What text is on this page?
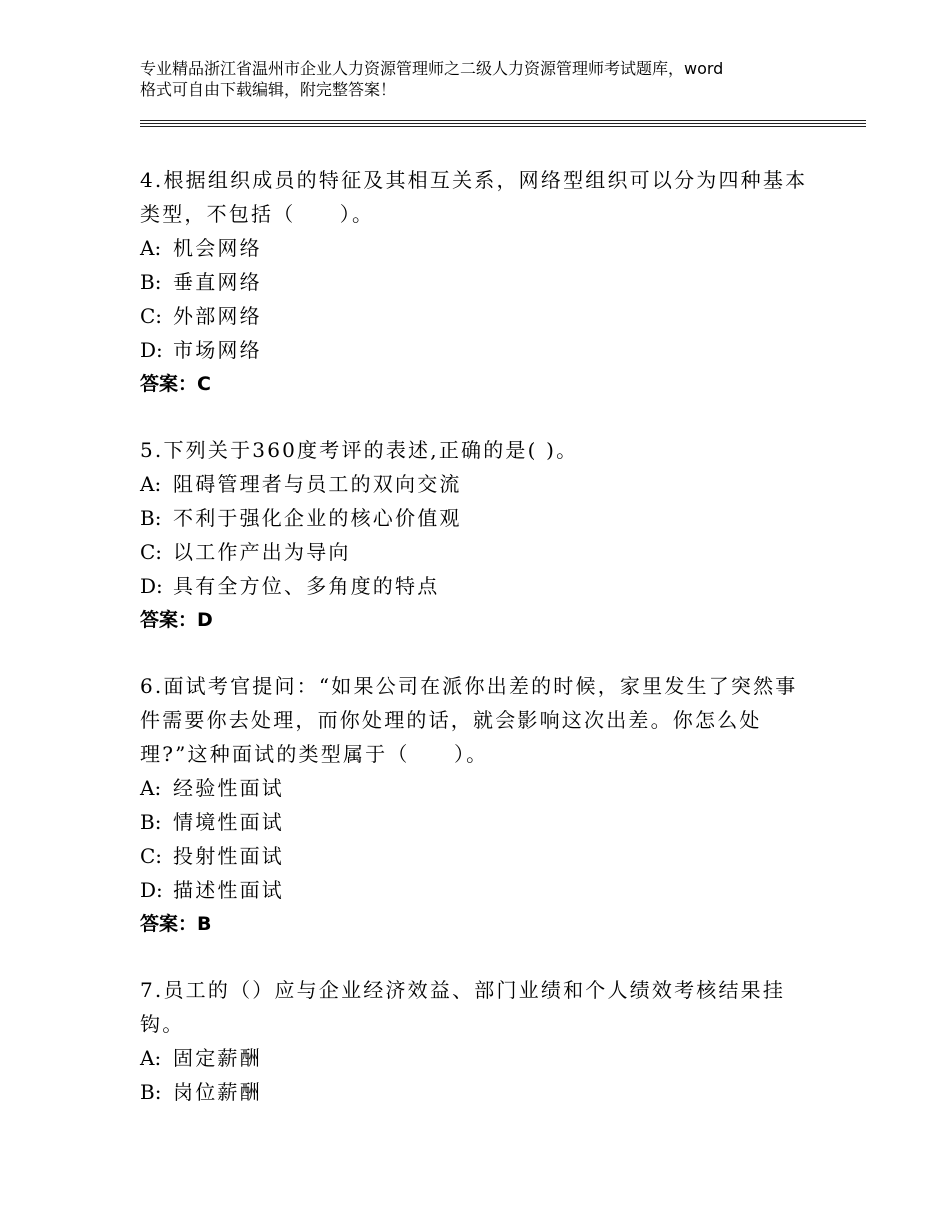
专业精品浙江省温州市企业人力资源管理师之二级人力资源管理师考试题库，word
格式可自由下载编辑，附完整答案！
4.根据组织成员的特征及其相互关系，网络型组织可以分为四种基本
类型，不包括（　　）。
A: 机会网络
B: 垂直网络
C: 外部网络
D: 市场网络
答案：C
5.下列关于360度考评的表述,正确的是( )。
A: 阻碍管理者与员工的双向交流
B: 不利于强化企业的核心价值观
C: 以工作产出为导向
D: 具有全方位、多角度的特点
答案：D
6.面试考官提问：“如果公司在派你出差的时候，家里发生了突然事
件需要你去处理，而你处理的话，就会影响这次出差。你怎么处
理?”这种面试的类型属于（　　）。
A: 经验性面试
B: 情境性面试
C: 投射性面试
D: 描述性面试
答案：B
7.员工的（）应与企业经济效益、部门业绩和个人绩效考核结果挂
钩。
A: 固定薪酬
B: 岗位薪酬
